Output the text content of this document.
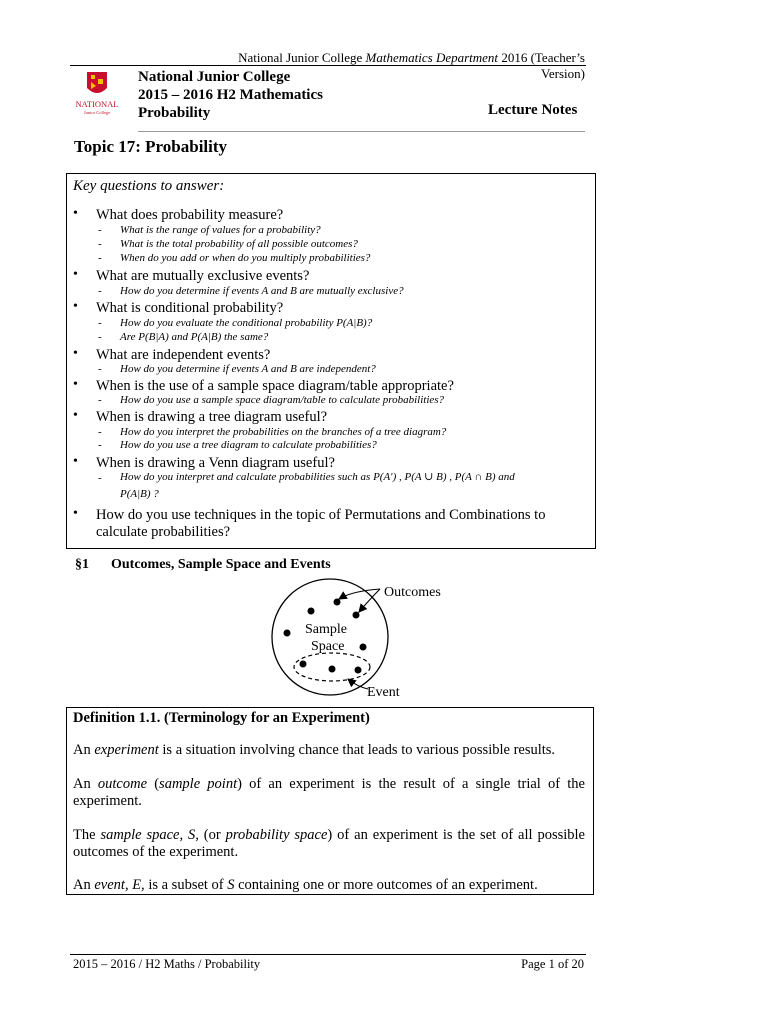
National Junior College Mathematics Department 2016 (Teacher’s Version)
NATIONAL
Junior College
National Junior College
2015 – 2016 H2 Mathematics
Probability	Lecture Notes
Topic 17: Probability
Key questions to answer:
• What does probability measure?
- What is the range of values for a probability?
- What is the total probability of all possible outcomes?
- When do you add or when do you multiply probabilities?
• What are mutually exclusive events?
- How do you determine if events A and B are mutually exclusive?
• What is conditional probability?
- How do you evaluate the conditional probability P(A|B)?
- Are P(B|A) and P(A|B) the same?
• What are independent events?
- How do you determine if events A and B are independent?
• When is the use of a sample space diagram/table appropriate?
- How do you use a sample space diagram/table to calculate probabilities?
• When is drawing a tree diagram useful?
- How do you interpret the probabilities on the branches of a tree diagram?
- How do you use a tree diagram to calculate probabilities?
• When is drawing a Venn diagram useful?
- How do you interpret and calculate probabilities such as P(A′) , P(A ∪ B) , P(A ∩ B) and
P(A|B) ?
• How do you use techniques in the topic of Permutations and Combinations to
calculate probabilities?
§1 Outcomes, Sample Space and Events
Outcomes
Sample
Space
Event
Definition 1.1. (Terminology for an Experiment)
An experiment is a situation involving chance that leads to various possible results.
An outcome (sample point) of an experiment is the result of a single trial of the experiment.
The sample space, S, (or probability space) of an experiment is the set of all possible outcomes of the experiment.
An event, E, is a subset of S containing one or more outcomes of an experiment.
2015 – 2016 / H2 Maths / Probability	Page 1 of 20
